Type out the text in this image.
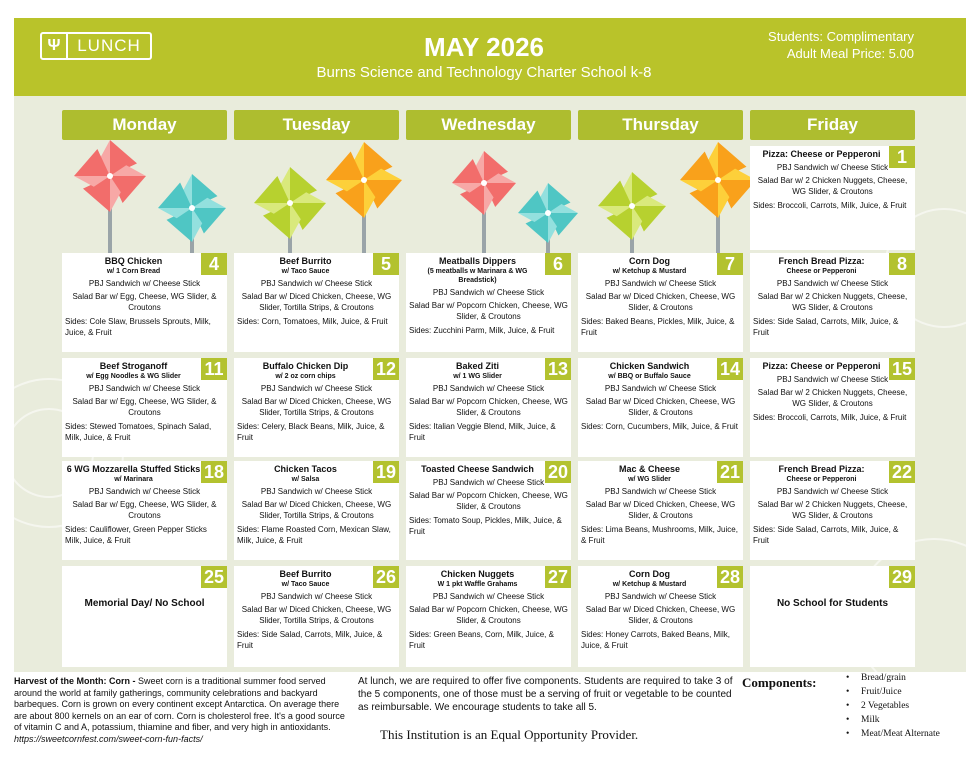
Ψ LUNCH	MAY 2026
Burns Science and Technology Charter School k-8
Students: Complimentary
Adult Meal Price: 5.00
Monday	Tuesday	Wednesday	Thursday	Friday
1
Pizza: Cheese or Pepperoni
PBJ Sandwich w/ Cheese Stick
Salad Bar w/ 2 Chicken Nuggets, Cheese, WG Slider, & Croutons
Sides: Broccoli, Carrots, Milk, Juice, & Fruit
4
BBQ Chicken
w/ 1 Corn Bread
PBJ Sandwich w/ Cheese Stick
Salad Bar w/ Egg, Cheese, WG Slider, & Croutons
Sides: Cole Slaw, Brussels Sprouts, Milk, Juice, & Fruit
5
Beef Burrito
w/ Taco Sauce
PBJ Sandwich w/ Cheese Stick
Salad Bar w/ Diced Chicken, Cheese, WG Slider, Tortilla Strips, & Croutons
Sides: Corn, Tomatoes, Milk, Juice, & Fruit
6
Meatballs Dippers
(5 meatballs w Marinara & WG Breadstick)
PBJ Sandwich w/ Cheese Stick
Salad Bar w/ Popcorn Chicken, Cheese, WG Slider, & Croutons
Sides: Zucchini Parm, Milk, Juice, & Fruit
7
Corn Dog
w/ Ketchup & Mustard
PBJ Sandwich w/ Cheese Stick
Salad Bar w/ Diced Chicken, Cheese, WG Slider, & Croutons
Sides: Baked Beans, Pickles, Milk, Juice, & Fruit
8
French Bread Pizza:
Cheese or Pepperoni
PBJ Sandwich w/ Cheese Stick
Salad Bar w/ 2 Chicken Nuggets, Cheese, WG Slider, & Croutons
Sides: Side Salad, Carrots, Milk, Juice, & Fruit
11
Beef Stroganoff
w/ Egg Noodles & WG Slider
PBJ Sandwich w/ Cheese Stick
Salad Bar w/ Egg, Cheese, WG Slider, & Croutons
Sides: Stewed Tomatoes, Spinach Salad, Milk, Juice, & Fruit
12
Buffalo Chicken Dip
w/ 2 oz corn chips
PBJ Sandwich w/ Cheese Stick
Salad Bar w/ Diced Chicken, Cheese, WG Slider, Tortilla Strips, & Croutons
Sides: Celery, Black Beans, Milk, Juice, & Fruit
13
Baked Ziti
w/ 1 WG Slider
PBJ Sandwich w/ Cheese Stick
Salad Bar w/ Popcorn Chicken, Cheese, WG Slider, & Croutons
Sides: Italian Veggie Blend, Milk, Juice, & Fruit
14
Chicken Sandwich
w/ BBQ or Buffalo Sauce
PBJ Sandwich w/ Cheese Stick
Salad Bar w/ Diced Chicken, Cheese, WG Slider, & Croutons
Sides: Corn, Cucumbers, Milk, Juice, & Fruit
15
Pizza: Cheese or Pepperoni
PBJ Sandwich w/ Cheese Stick
Salad Bar w/ 2 Chicken Nuggets, Cheese, WG Slider, & Croutons
Sides: Broccoli, Carrots, Milk, Juice, & Fruit
18
6 WG Mozzarella Stuffed Sticks
w/ Marinara
PBJ Sandwich w/ Cheese Stick
Salad Bar w/ Egg, Cheese, WG Slider, & Croutons
Sides: Cauliflower, Green Pepper Sticks Milk, Juice, & Fruit
19
Chicken Tacos
w/ Salsa
PBJ Sandwich w/ Cheese Stick
Salad Bar w/ Diced Chicken, Cheese, WG Slider, Tortilla Strips, & Croutons
Sides: Flame Roasted Corn, Mexican Slaw, Milk, Juice, & Fruit
20
Toasted Cheese Sandwich
PBJ Sandwich w/ Cheese Stick
Salad Bar w/ Popcorn Chicken, Cheese, WG Slider, & Croutons
Sides: Tomato Soup, Pickles, Milk, Juice, & Fruit
21
Mac & Cheese
w/ WG Slider
PBJ Sandwich w/ Cheese Stick
Salad Bar w/ Diced Chicken, Cheese, WG Slider, & Croutons
Sides: Lima Beans, Mushrooms, Milk, Juice, & Fruit
22
French Bread Pizza:
Cheese or Pepperoni
PBJ Sandwich w/ Cheese Stick
Salad Bar w/ 2 Chicken Nuggets, Cheese, WG Slider, & Croutons
Sides: Side Salad, Carrots, Milk, Juice, & Fruit
25
Memorial Day/ No School
26
Beef Burrito
w/ Taco Sauce
PBJ Sandwich w/ Cheese Stick
Salad Bar w/ Diced Chicken, Cheese, WG Slider, Tortilla Strips, & Croutons
Sides: Side Salad, Carrots, Milk, Juice, & Fruit
27
Chicken Nuggets
W 1 pkt Waffle Grahams
PBJ Sandwich w/ Cheese Stick
Salad Bar w/ Popcorn Chicken, Cheese, WG Slider, & Croutons
Sides: Green Beans, Corn, Milk, Juice, & Fruit
28
Corn Dog
w/ Ketchup & Mustard
PBJ Sandwich w/ Cheese Stick
Salad Bar w/ Diced Chicken, Cheese, WG Slider, & Croutons
Sides: Honey Carrots, Baked Beans, Milk, Juice, & Fruit
29
No School for Students
Harvest of the Month: Corn - Sweet corn is a traditional summer food served around the world at family gatherings, community celebrations and backyard barbeques. Corn is grown on every continent except Antarctica. On average there are about 800 kernels on an ear of corn. Corn is cholesterol free. It's a good source of vitamin C and A, potassium, thiamine and fiber, and very high in antioxidants. https://sweetcornfest.com/sweet-corn-fun-facts/
At lunch, we are required to offer five components. Students are required to take 3 of the 5 components, one of those must be a serving of fruit or vegetable to be counted as reimbursable. We encourage students to take all 5.
This Institution is an Equal Opportunity Provider.
Components:
•	Bread/grain
• Fruit/Juice
• 2 Vegetables
• Milk
• Meat/Meat Alternate
